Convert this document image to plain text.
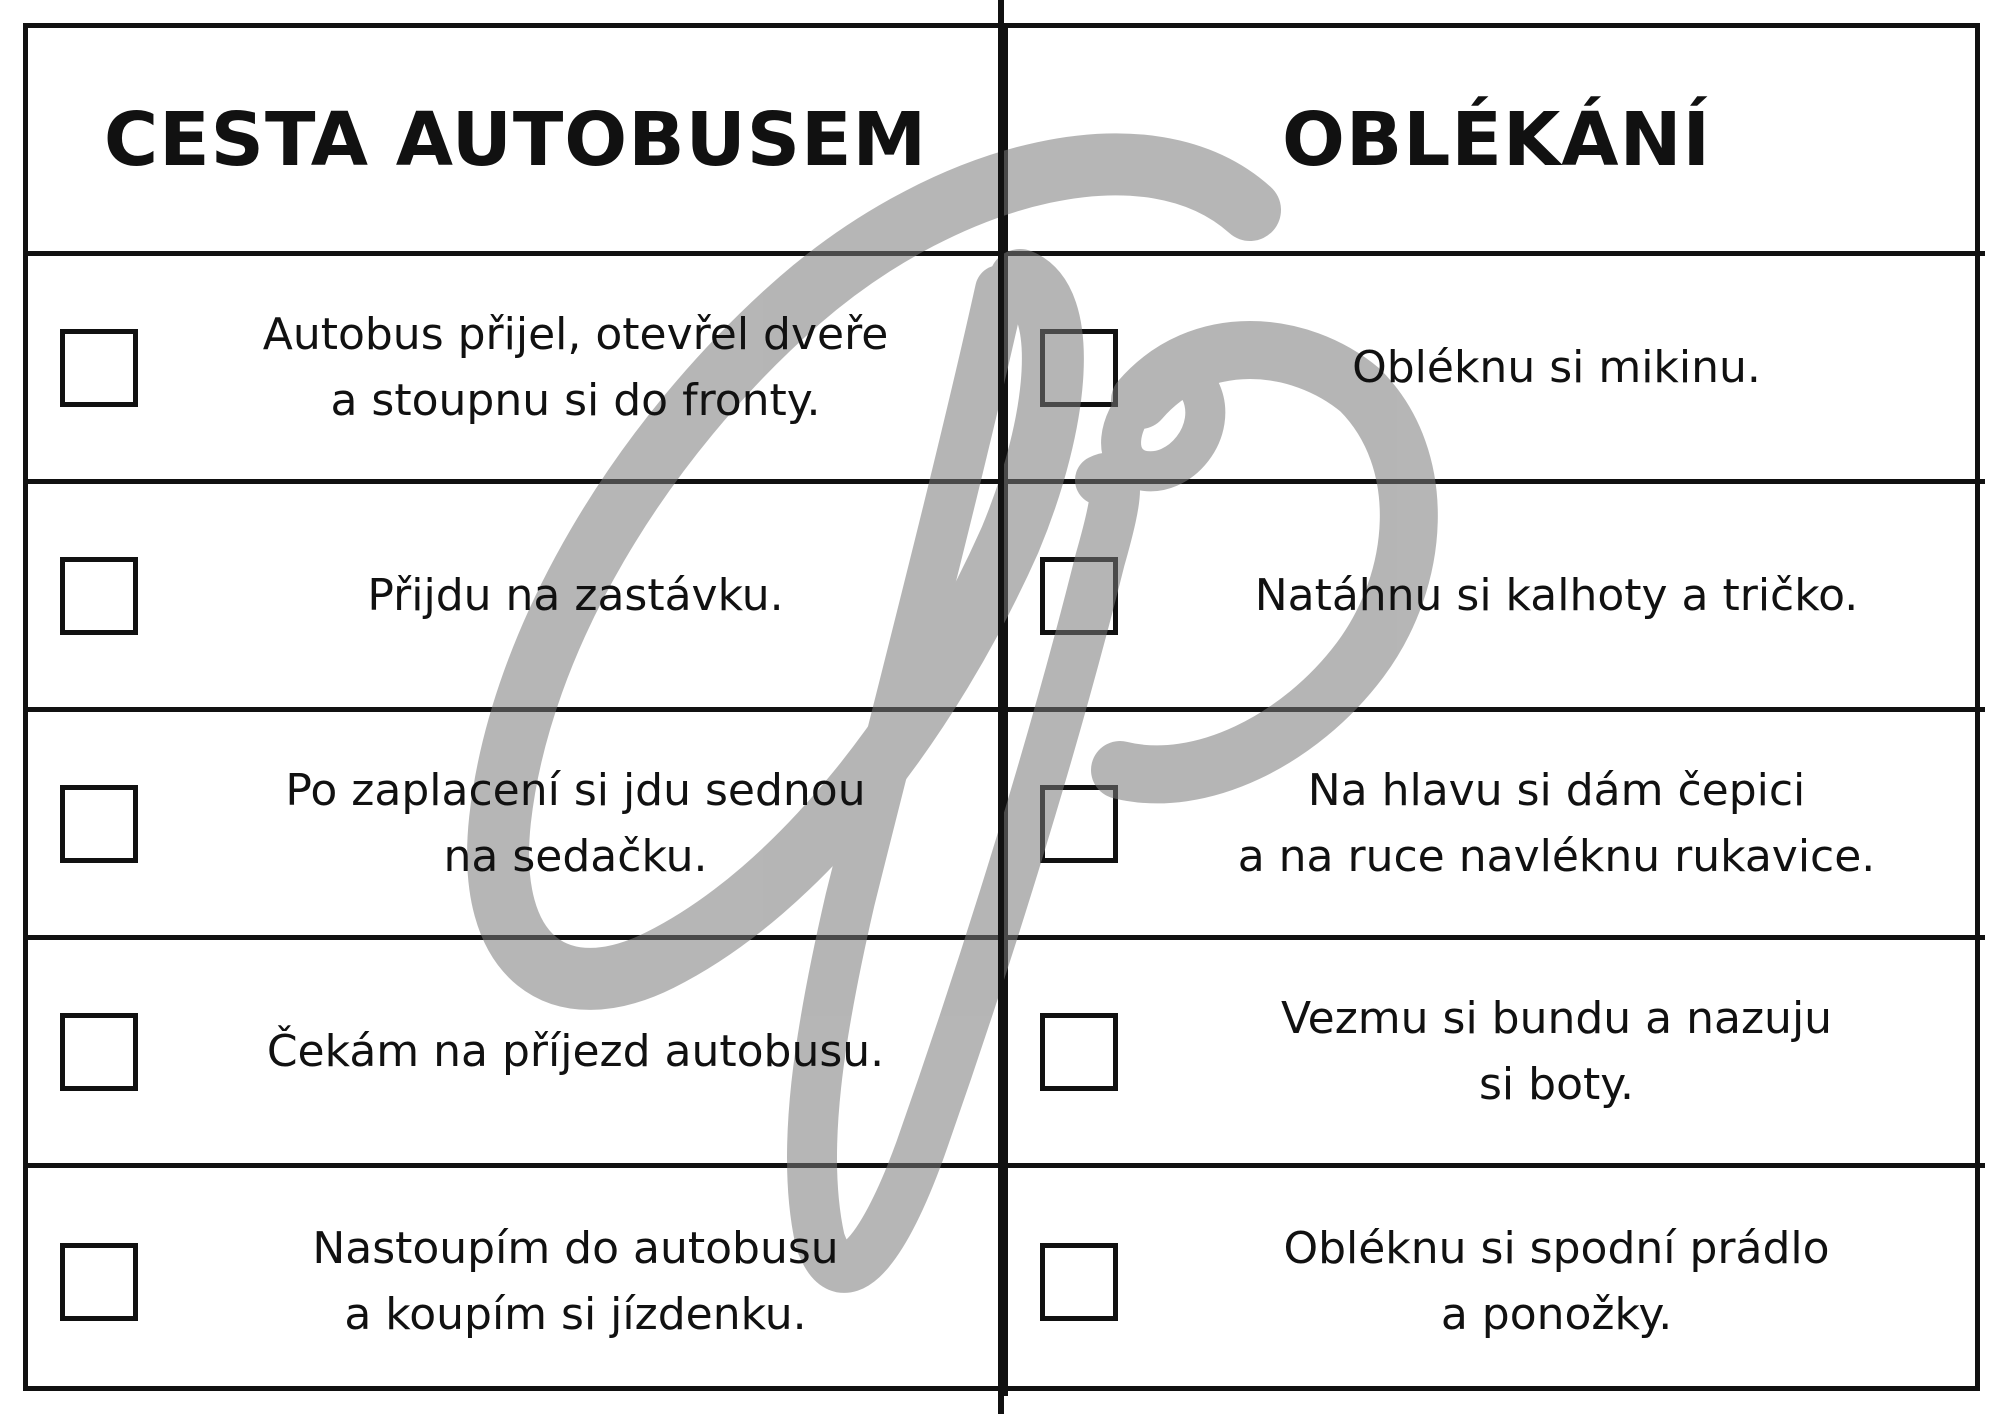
CESTA AUTOBUSEM	OBLÉKÁNÍ

Autobus přijel, otevřel dveře
a stoupnu si do fronty.

Obléknu si mikinu.

Přijdu na zastávku.	Natáhnu si kalhoty a tričko.

Po zaplacení si jdu sednou
na sedačku.

Na hlavu si dám čepici
a na ruce navléknu rukavice.

Čekám na příjezd autobusu.

Vezmu si bundu a nazuju
si boty.

Nastoupím do autobusu
a koupím si jízdenku.

Obléknu si spodní prádlo
a ponožky.
